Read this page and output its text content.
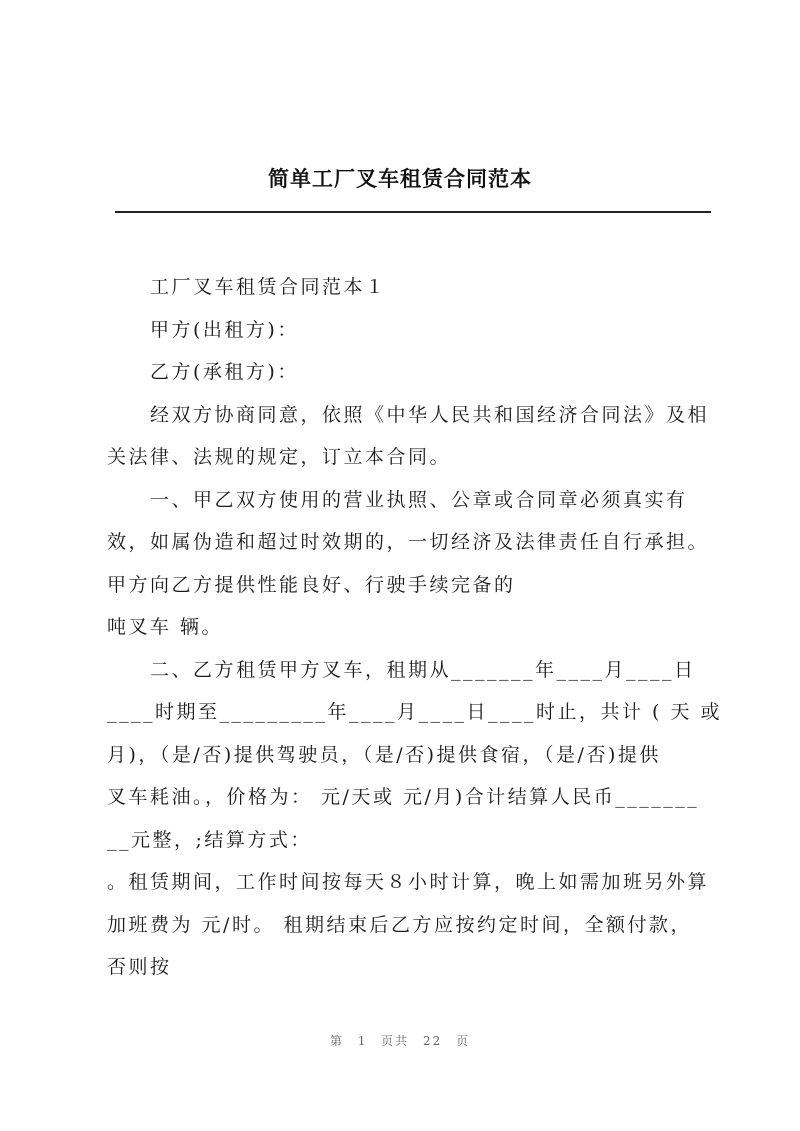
简单工厂叉车租赁合同范本
工厂叉车租赁合同范本１
甲方(出租方)：
乙方(承租方)：
经双方协商同意，依照《中华人民共和国经济合同法》及相
关法律、法规的规定，订立本合同。
一、甲乙双方使用的营业执照、公章或合同章必须真实有
效，如属伪造和超过时效期的，一切经济及法律责任自行承担。
甲方向乙方提供性能良好、行驶手续完备的
吨叉车 辆。
二、乙方租赁甲方叉车，租期从_______年____月____日
____时期至_________年____月____日____时止，共计 ( 天 或
月)，（是/否)提供驾驶员，（是/否)提供食宿，（是/否)提供
叉车耗油。，价格为： 元/天或 元/月)合计结算人民币_______
__元整，;结算方式：
。租赁期间，工作时间按每天８小时计算，晚上如需加班另外算
加班费为 元/时。 租期结束后乙方应按约定时间，全额付款，
否则按
第 1 页共 22 页
